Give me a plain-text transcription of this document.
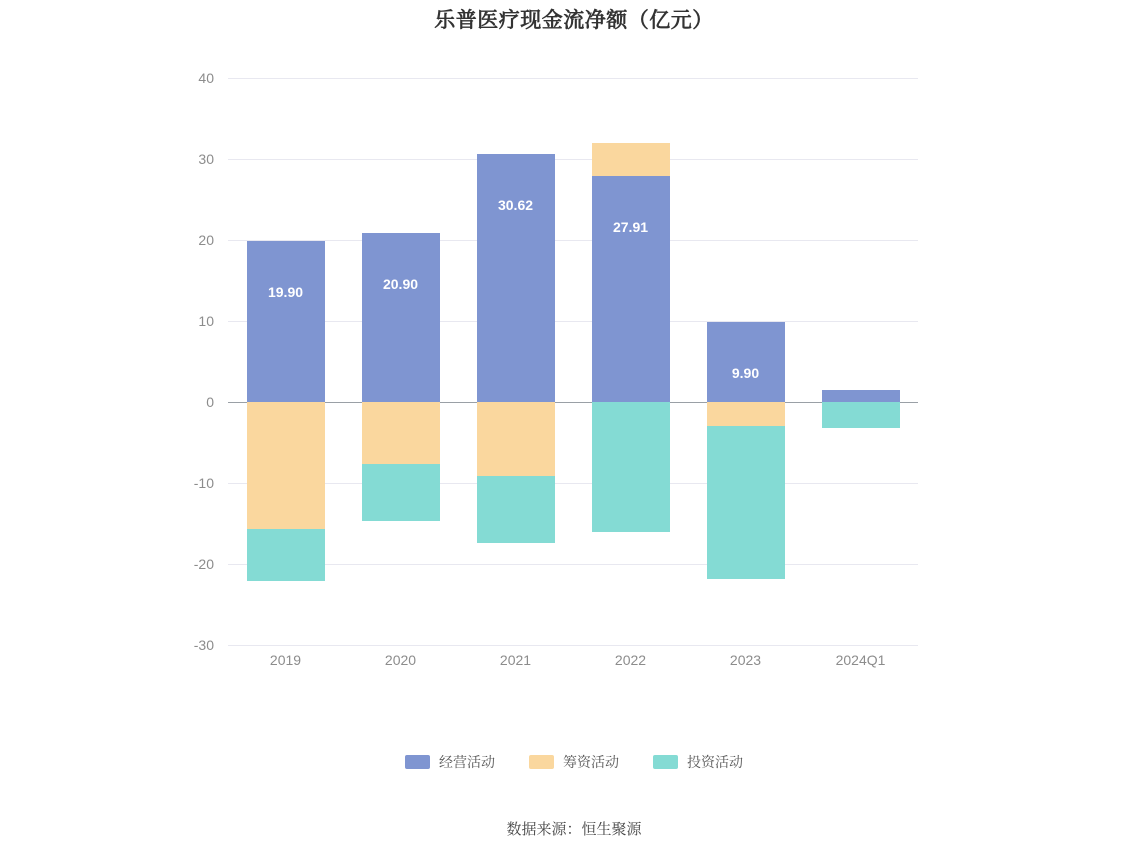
乐普医疗现金流净额（亿元）
40
30
20
10
0
-10
-20
-30
19.90
2019
20.90
2020
30.62
2021
27.91
2022
9.90
2023
1.42
2024Q1
经营活动	筹资活动	投资活动
数据来源：恒生聚源
